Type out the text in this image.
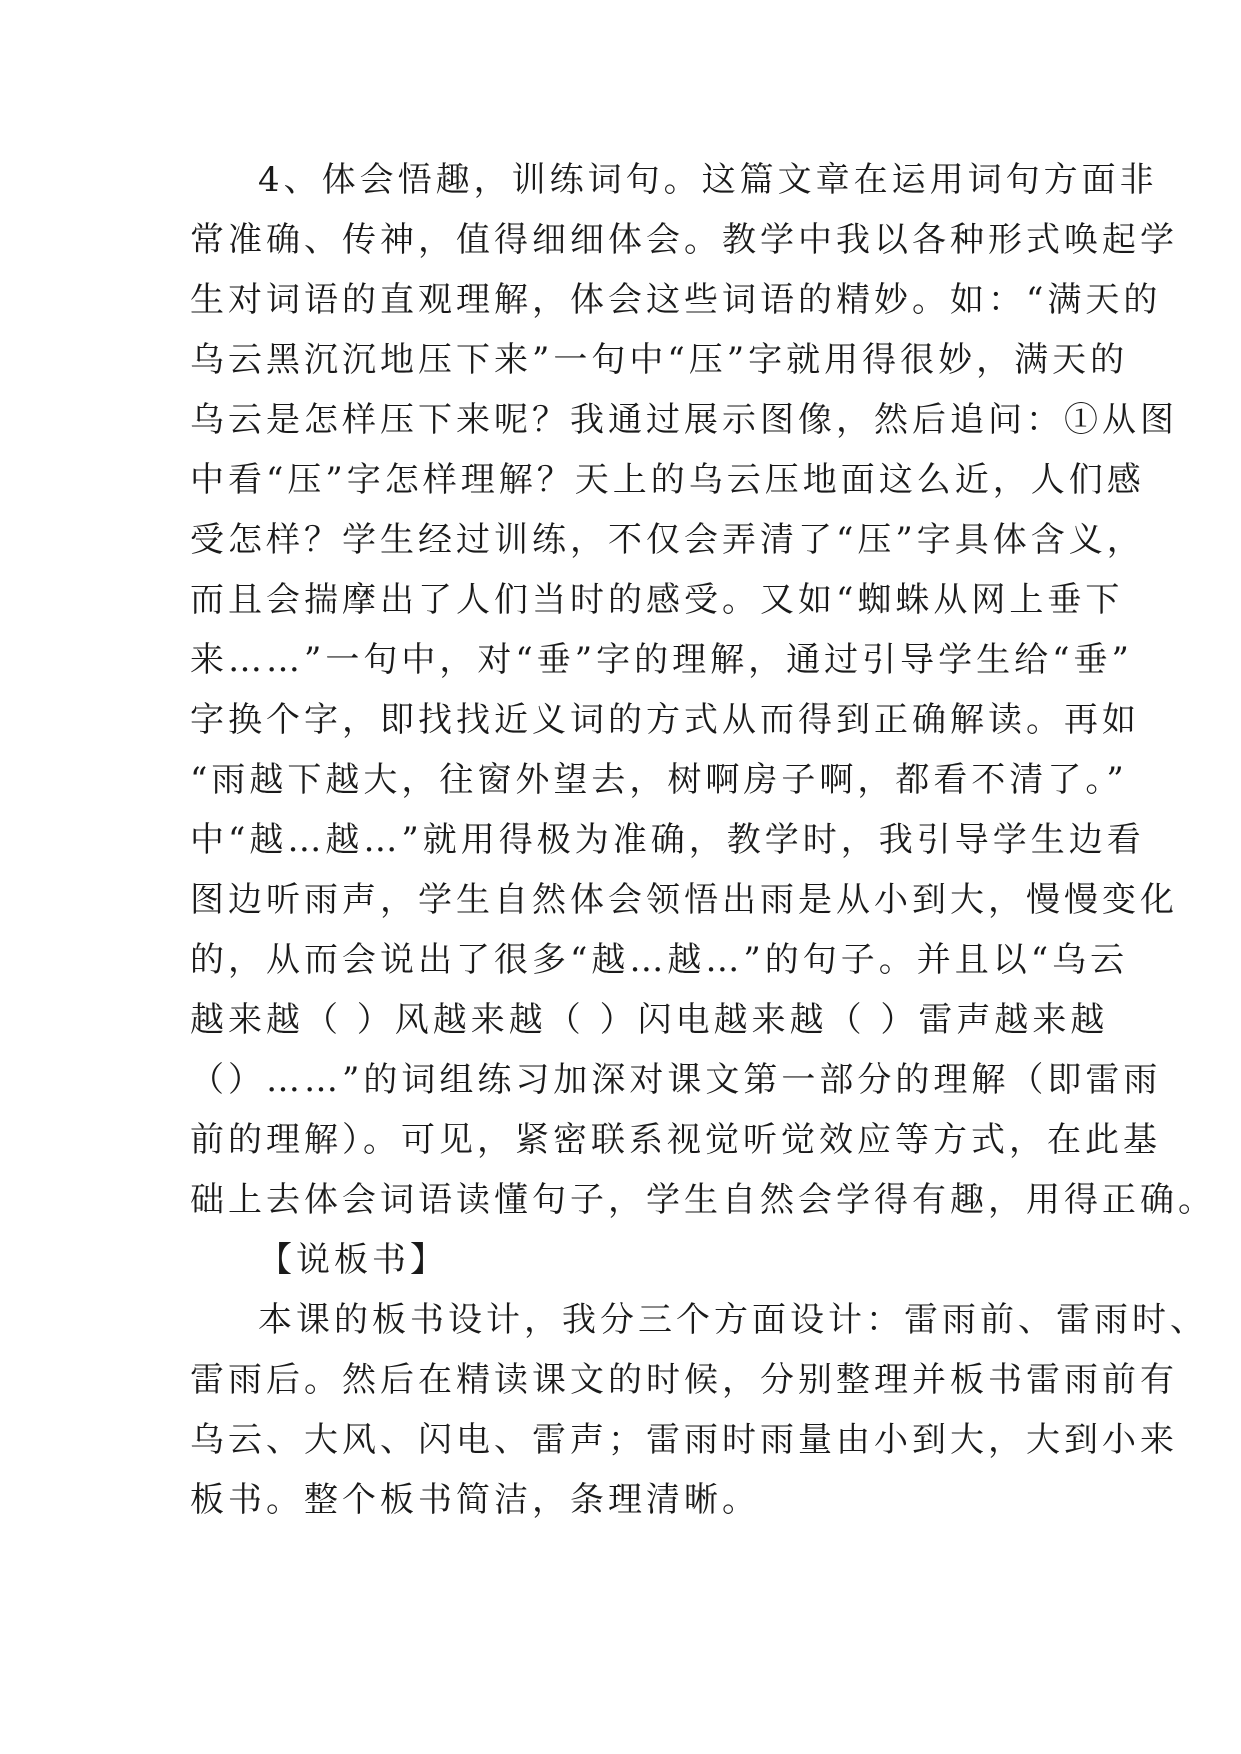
4、体会悟趣，训练词句。这篇文章在运用词句方面非
常准确、传神，值得细细体会。教学中我以各种形式唤起学
生对词语的直观理解，体会这些词语的精妙。如：“满天的
乌云黑沉沉地压下来”一句中“压”字就用得很妙，满天的
乌云是怎样压下来呢？我通过展示图像，然后追问：①从图
中看“压”字怎样理解？天上的乌云压地面这么近，人们感
受怎样？学生经过训练，不仅会弄清了“压”字具体含义，
而且会揣摩出了人们当时的感受。又如“蜘蛛从网上垂下
来……”一句中，对“垂”字的理解，通过引导学生给“垂”
字换个字，即找找近义词的方式从而得到正确解读。再如
“雨越下越大，往窗外望去，树啊房子啊，都看不清了。”
中“越…越…”就用得极为准确，教学时，我引导学生边看
图边听雨声，学生自然体会领悟出雨是从小到大，慢慢变化
的，从而会说出了很多“越…越…”的句子。并且以“乌云
越来越（ ）风越来越（ ）闪电越来越（ ）雷声越来越
（）……”的词组练习加深对课文第一部分的理解（即雷雨
前的理解）。可见，紧密联系视觉听觉效应等方式，在此基
础上去体会词语读懂句子，学生自然会学得有趣，用得正确。
【说板书】
本课的板书设计，我分三个方面设计：雷雨前、雷雨时、
雷雨后。然后在精读课文的时候，分别整理并板书雷雨前有
乌云、大风、闪电、雷声；雷雨时雨量由小到大，大到小来
板书。整个板书简洁，条理清晰。
